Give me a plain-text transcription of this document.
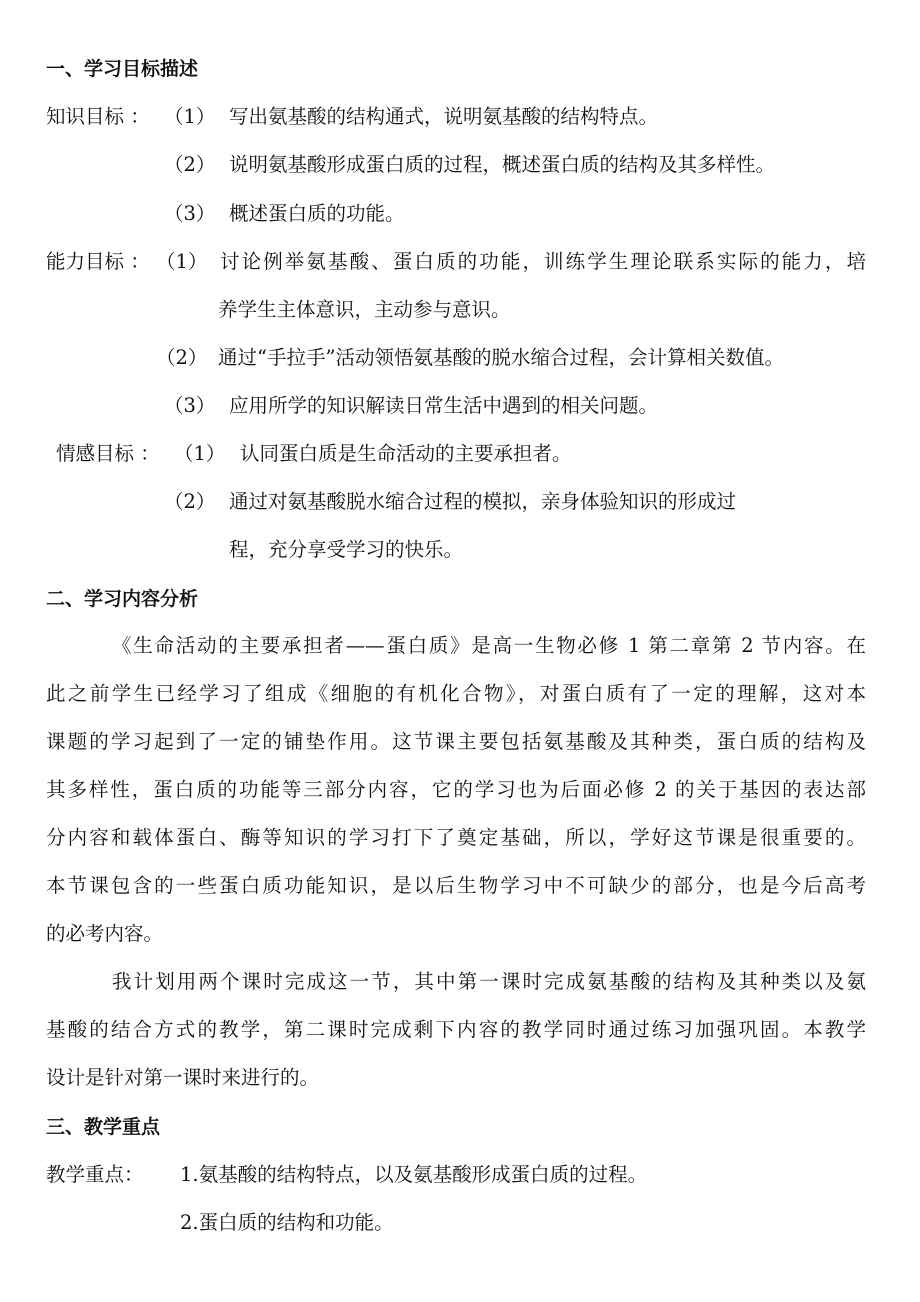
一、学习目标描述
知识目标 ： （1） 写出氨基酸的结构通式，说明氨基酸的结构特点。
（2） 说明氨基酸形成蛋白质的过程，概述蛋白质的结构及其多样性。
（3） 概述蛋白质的功能。
能力目标 ： （1） 讨论例举氨基酸、蛋白质的功能，训练学生理论联系实际的能力，培
养学生主体意识，主动参与意识。
（2） 通过“手拉手”活动领悟氨基酸的脱水缩合过程，会计算相关数值。
（3） 应用所学的知识解读日常生活中遇到的相关问题。
情感目标 ： （1） 认同蛋白质是生命活动的主要承担者。
（2） 通过对氨基酸脱水缩合过程的模拟，亲身体验知识的形成过
程，充分享受学习的快乐。
二、学习内容分析
《生命活动的主要承担者——蛋白质》是高一生物必修 1 第二章第 2 节内容。在
此之前学生已经学习了组成《细胞的有机化合物》，对蛋白质有了一定的理解，这对本
课题的学习起到了一定的铺垫作用。这节课主要包括氨基酸及其种类，蛋白质的结构及
其多样性，蛋白质的功能等三部分内容，它的学习也为后面必修 2 的关于基因的表达部
分内容和载体蛋白、酶等知识的学习打下了奠定基础，所以，学好这节课是很重要的。
本节课包含的一些蛋白质功能知识，是以后生物学习中不可缺少的部分，也是今后高考
的必考内容。
我计划用两个课时完成这一节，其中第一课时完成氨基酸的结构及其种类以及氨
基酸的结合方式的教学，第二课时完成剩下内容的教学同时通过练习加强巩固。本教学
设计是针对第一课时来进行的。
三、教学重点
教学重点： 1.氨基酸的结构特点，以及氨基酸形成蛋白质的过程。
2.蛋白质的结构和功能。
